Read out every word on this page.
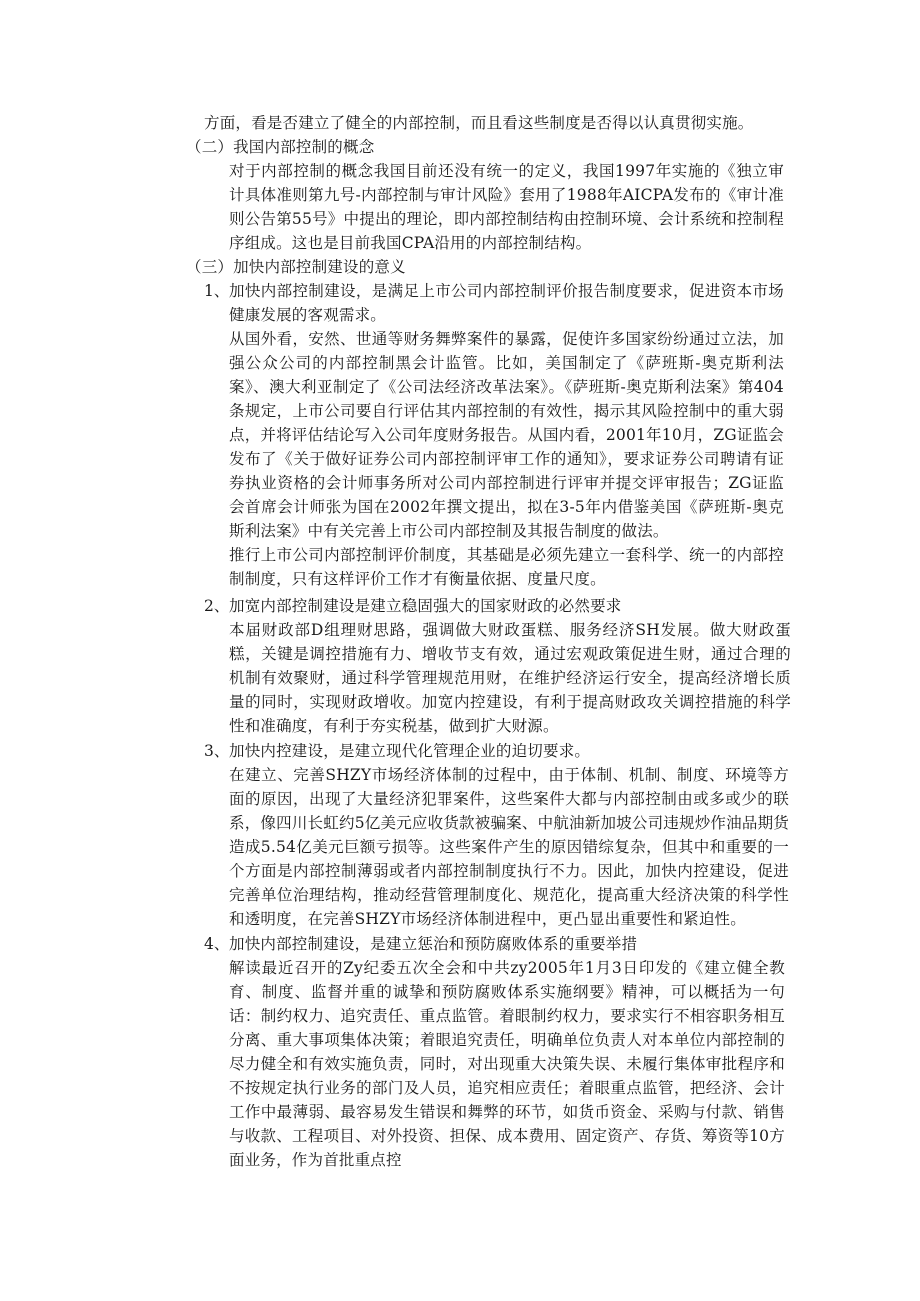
方面，看是否建立了健全的内部控制，而且看这些制度是否得以认真贯彻实施。
（二）我国内部控制的概念

对于内部控制的概念我国目前还没有统一的定义，我国1997年实施的《独立审计具体准则第九号-内部控制与审计风险》套用了1988年AICPA发布的《审计准则公告第55号》中提出的理论，即内部控制结构由控制环境、会计系统和控制程序组成。这也是目前我国CPA沿用的内部控制结构。

（三）加快内部控制建设的意义
1、 加快内部控制建设，是满足上市公司内部控制评价报告制度要求，促进资本市场健康发展的客观需求。

从国外看，安然、世通等财务舞弊案件的暴露，促使许多国家纷纷通过立法，加强公众公司的内部控制黑会计监管。比如，美国制定了《萨班斯-奥克斯利法案》、澳大利亚制定了《公司法经济改革法案》。《萨班斯-奥克斯利法案》第404条规定，上市公司要自行评估其内部控制的有效性，揭示其风险控制中的重大弱点，并将评估结论写入公司年度财务报告。从国内看，2001年10月，ZG证监会发布了《关于做好证券公司内部控制评审工作的通知》，要求证券公司聘请有证券执业资格的会计师事务所对公司内部控制进行评审并提交评审报告；ZG证监会首席会计师张为国在2002年撰文提出，拟在3-5年内借鉴美国《萨班斯-奥克斯利法案》中有关完善上市公司内部控制及其报告制度的做法。

推行上市公司内部控制评价制度，其基础是必须先建立一套科学、统一的内部控制制度，只有这样评价工作才有衡量依据、度量尺度。

2、 加宽内部控制建设是建立稳固强大的国家财政的必然要求

本届财政部D组理财思路，强调做大财政蛋糕、服务经济SH发展。做大财政蛋糕，关键是调控措施有力、增收节支有效，通过宏观政策促进生财，通过合理的机制有效聚财，通过科学管理规范用财，在维护经济运行安全，提高经济增长质量的同时，实现财政增收。加宽内控建设，有利于提高财政攻关调控措施的科学性和准确度，有利于夯实税基，做到扩大财源。

3、 加快内控建设，是建立现代化管理企业的迫切要求。

在建立、完善SHZY市场经济体制的过程中，由于体制、机制、制度、环境等方面的原因，出现了大量经济犯罪案件，这些案件大都与内部控制由或多或少的联系，像四川长虹约5亿美元应收货款被骗案、中航油新加坡公司违规炒作油品期货造成5.54亿美元巨额亏损等。这些案件产生的原因错综复杂，但其中和重要的一个方面是内部控制薄弱或者内部控制制度执行不力。因此，加快内控建设，促进完善单位治理结构，推动经营管理制度化、规范化，提高重大经济决策的科学性和透明度，在完善SHZY市场经济体制进程中，更凸显出重要性和紧迫性。

4、 加快内部控制建设，是建立惩治和预防腐败体系的重要举措

解读最近召开的Zy纪委五次全会和中共zy2005年1月3日印发的《建立健全教育、制度、监督并重的诚挚和预防腐败体系实施纲要》精神，可以概括为一句话：制约权力、追究责任、重点监管。着眼制约权力，要求实行不相容职务相互分离、重大事项集体决策；着眼追究责任，明确单位负责人对本单位内部控制的尽力健全和有效实施负责，同时，对出现重大决策失误、未履行集体审批程序和不按规定执行业务的部门及人员，追究相应责任；着眼重点监管，把经济、会计工作中最薄弱、最容易发生错误和舞弊的环节，如货币资金、采购与付款、销售与收款、工程项目、对外投资、担保、成本费用、固定资产、存货、筹资等10方面业务，作为首批重点控
